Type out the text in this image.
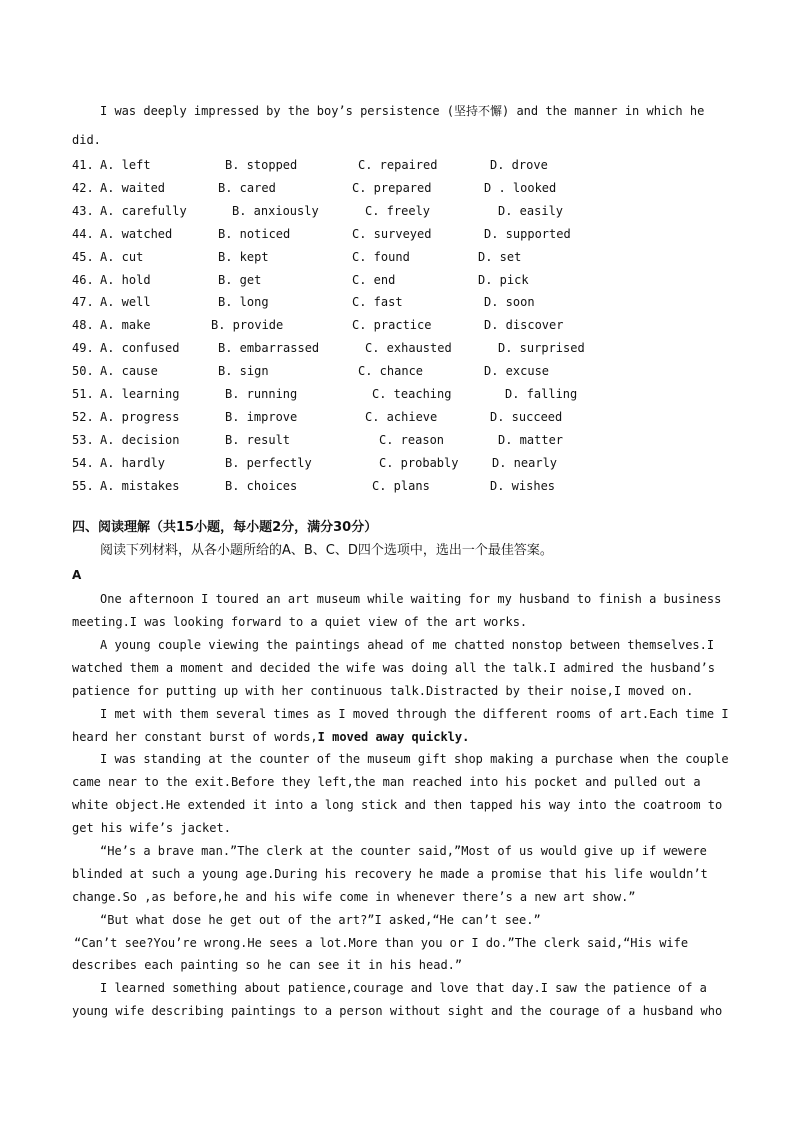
I was deeply impressed by the boy’s persistence (坚持不懈) and the manner in which he
did.
41. A. left	B. stopped	C. repaired	D. drove
42. A. waited	B. cared	C. prepared	D . looked
43. A. carefully	B. anxiously	C. freely	D. easily
44. A. watched	B. noticed	C. surveyed	D. supported
45. A. cut	B. kept	C. found	D. set
46. A. hold	B. get	C. end	D. pick
47. A. well	B. long	C. fast	D. soon
48. A. make	B. provide	C. practice	D. discover
49. A. confused	B. embarrassed	C. exhausted	D. surprised
50. A. cause	B. sign	C. chance	D. excuse
51. A. learning	B. running	C. teaching	D. falling
52. A. progress	B. improve	C. achieve	D. succeed
53. A. decision	B. result	C. reason	D. matter
54. A. hardly	B. perfectly	C. probably	D. nearly
55. A. mistakes	B. choices	C. plans	D. wishes
四、阅读理解（共15小题，每小题2分，满分30分）
阅读下列材料，从各小题所给的A、B、C、D四个选项中，选出一个最佳答案。
A
One afternoon I toured an art museum while waiting for my husband to finish a business
meeting.I was looking forward to a quiet view of the art works.
A young couple viewing the paintings ahead of me chatted nonstop between themselves.I
watched them a moment and decided the wife was doing all the talk.I admired the husband’s
patience for putting up with her continuous talk.Distracted by their noise,I moved on.
I met with them several times as I moved through the different rooms of art.Each time I
heard her constant burst of words,I moved away quickly.
I was standing at the counter of the museum gift shop making a purchase when the couple
came near to the exit.Before they left,the man reached into his pocket and pulled out a
white object.He extended it into a long stick and then tapped his way into the coatroom to
get his wife’s jacket.
“He’s a brave man.”The clerk at the counter said,”Most of us would give up if wewere
blinded at such a young age.During his recovery he made a promise that his life wouldn’t
change.So ,as before,he and his wife come in whenever there’s a new art show.”
“But what dose he get out of the art?”I asked,“He can’t see.”
“Can’t see?You’re wrong.He sees a lot.More than you or I do.”The clerk said,“His wife
describes each painting so he can see it in his head.”
I learned something about patience,courage and love that day.I saw the patience of a
young wife describing paintings to a person without sight and the courage of a husband who
